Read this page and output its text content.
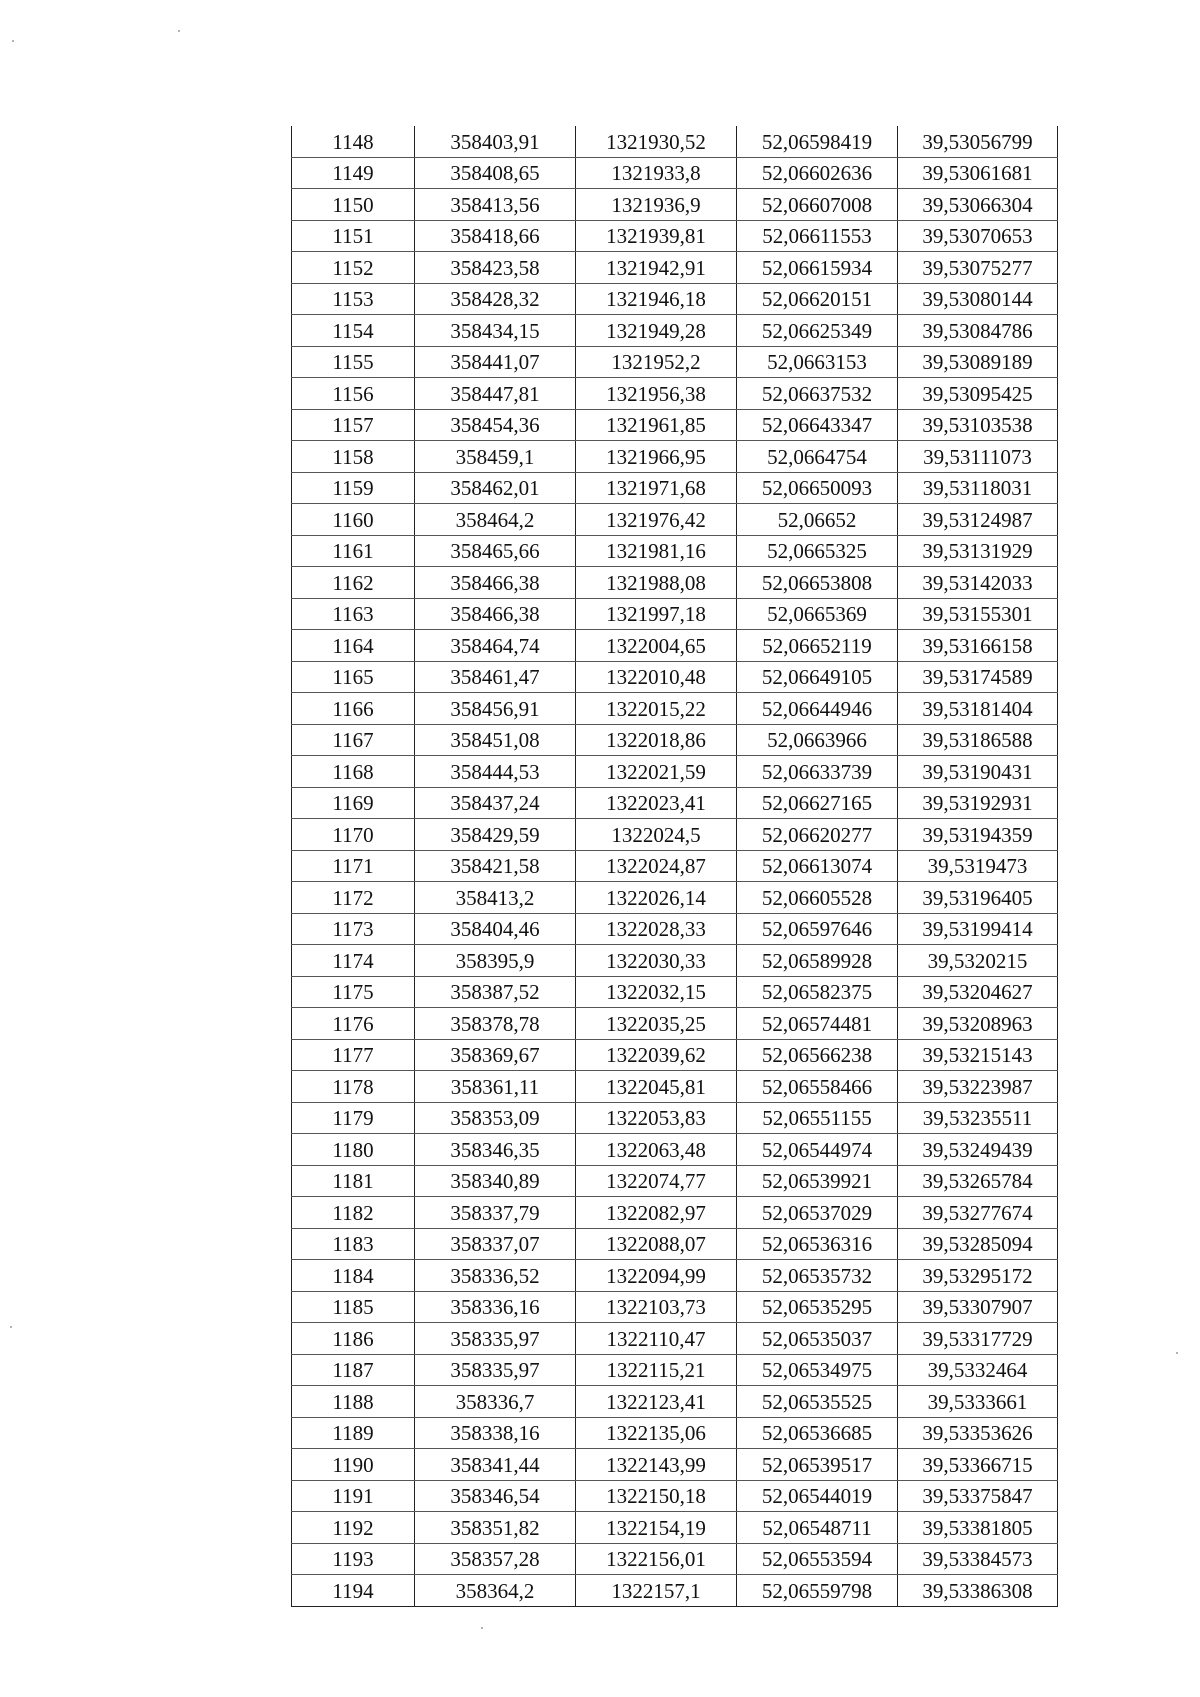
1148	358403,91	1321930,52	52,06598419	39,53056799
1149	358408,65	1321933,8	52,06602636	39,53061681
1150	358413,56	1321936,9	52,06607008	39,53066304
1151	358418,66	1321939,81	52,06611553	39,53070653
1152	358423,58	1321942,91	52,06615934	39,53075277
1153	358428,32	1321946,18	52,06620151	39,53080144
1154	358434,15	1321949,28	52,06625349	39,53084786
1155	358441,07	1321952,2	52,0663153	39,53089189
1156	358447,81	1321956,38	52,06637532	39,53095425
1157	358454,36	1321961,85	52,06643347	39,53103538
1158	358459,1	1321966,95	52,0664754	39,53111073
1159	358462,01	1321971,68	52,06650093	39,53118031
1160	358464,2	1321976,42	52,06652	39,53124987
1161	358465,66	1321981,16	52,0665325	39,53131929
1162	358466,38	1321988,08	52,06653808	39,53142033
1163	358466,38	1321997,18	52,0665369	39,53155301
1164	358464,74	1322004,65	52,06652119	39,53166158
1165	358461,47	1322010,48	52,06649105	39,53174589
1166	358456,91	1322015,22	52,06644946	39,53181404
1167	358451,08	1322018,86	52,0663966	39,53186588
1168	358444,53	1322021,59	52,06633739	39,53190431
1169	358437,24	1322023,41	52,06627165	39,53192931
1170	358429,59	1322024,5	52,06620277	39,53194359
1171	358421,58	1322024,87	52,06613074	39,5319473
1172	358413,2	1322026,14	52,06605528	39,53196405
1173	358404,46	1322028,33	52,06597646	39,53199414
1174	358395,9	1322030,33	52,06589928	39,5320215
1175	358387,52	1322032,15	52,06582375	39,53204627
1176	358378,78	1322035,25	52,06574481	39,53208963
1177	358369,67	1322039,62	52,06566238	39,53215143
1178	358361,11	1322045,81	52,06558466	39,53223987
1179	358353,09	1322053,83	52,06551155	39,53235511
1180	358346,35	1322063,48	52,06544974	39,53249439
1181	358340,89	1322074,77	52,06539921	39,53265784
1182	358337,79	1322082,97	52,06537029	39,53277674
1183	358337,07	1322088,07	52,06536316	39,53285094
1184	358336,52	1322094,99	52,06535732	39,53295172
1185	358336,16	1322103,73	52,06535295	39,53307907
1186	358335,97	1322110,47	52,06535037	39,53317729
1187	358335,97	1322115,21	52,06534975	39,5332464
1188	358336,7	1322123,41	52,06535525	39,5333661
1189	358338,16	1322135,06	52,06536685	39,53353626
1190	358341,44	1322143,99	52,06539517	39,53366715
1191	358346,54	1322150,18	52,06544019	39,53375847
1192	358351,82	1322154,19	52,06548711	39,53381805
1193	358357,28	1322156,01	52,06553594	39,53384573
1194	358364,2	1322157,1	52,06559798	39,53386308
